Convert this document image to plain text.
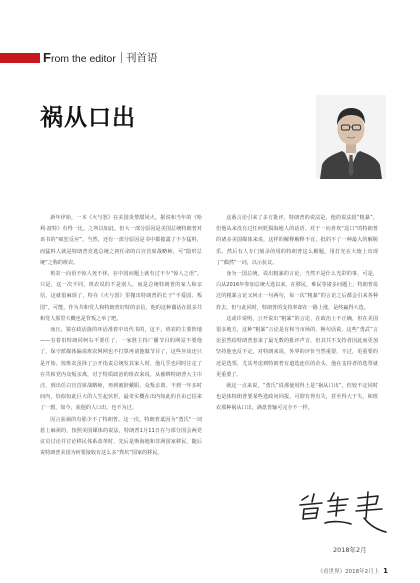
From the editor 刊首语
祸从口出

新年伊始，一本《火与怒》在美国炎黎甜风火。据说和当年的《哈利·波特》有得一比，之所以如此，但大一部分原因是美国总统特朗普对该书的“疯狂反应”。当然，还有一部分原因是书中都披露了不少猛料，而猛料人就是特朗普竞选总统之初任命的白宫首席战略师，可“隐形总统”之称的班农。

班农一向语不惊人死不休，在中国问题上就有过不少“惊人之语”。只是，这一次不同，班农说的不是别人，而是总统特朗普的家人和亲信，这就很麻烦了，特在《火与怒》里抛出特朗普的长子“不爱国、叛国”，可能，作为共和党人和特朗普好特的亲信，他的这种偶话在很多共和党人那里大概也是背叛之举了吧。

而且，猜在政话拢的环话准着中出代书的，这不，班农的主要阵地——有着旧特朗同柯右不要任了，一家胜主持广播节目的网站不要他了，保守派媒体偏说班农网网也不打算再请他做节目了，这些应该还只是开始。按班农虽择了公开指责总统发其家人时，他几乎也同时注定了在共和党内众叛亲离，对于特质政治的班农来说，从被绑特朗普大主巾洼，到出任白宫首席战略师，再到被辞戴职，众叛亲离，不到一年多时间内，恰似如此巨大的人生起伏折，最奇实概在出内如此的自由已招来了一想，如今，获他的人口出，也不为过。

因言获祸的有那少不了特朗普。这一次，特朗普诋因为“勇氏”一词惹上麻须的，按照美国媒体的说法，特朗普1月11日在与部分国会两党议员讨论并讨论移民体系改革时，先后是斯海地和非洲国家移民，随后说特朗普美国为何要接收有这么多“粪坑”国家的移民。

这番言论引来了多方批评，特朗普的说法是，他的说法很“粗暴”，但他从来没有过任何贬损海地人的话语。对于一向喜欢“逞口”的特朗普的诸多美国媒体来说，这样的解释解释不宜，批的不了一种最大的解脱乐。然后有人专门刻录的用的特朗普这么解题，用打光在大炮上出现了“偶然”一词，以示抗议。

身为一国总统，说出粗暴的言论，当然不是什么光彩的事，可是，白从2016年参加总统大选以来，在移民，难民等诸多问题上，特朗普说过的粗暴言论又何止一句两句，每一次“粗暴”的言论之后都会引来各种炸去，但与此同时，特朗普的支持率却在一路上涨，是终赢得大选。

这或许说明，公开说出“粗暴”的言论，在政治上不正确，但在美国很多地方，这种“粗暴”言论是有和当市场的，换句话说，这些“勇武”言论虽然给特朗普惹来了最无数的批评声音，但其共不支持者因此而更加坚持他也反不定，对特朗来说，外界的评价当然重要，不过，更重要的还是选票，尤其考虑到特朗普有道选连任的企头，他在支持者的选票就更重要了。

就这一点来说，“勇氏”说那使用得上是“祸从口出”，但较不定同时也是体特朗普要某些选政问回报，可谓有得有失，甚至得大于失，和班农那种祸从口出，满盘皆输可完全不一样。

2018年2月
《看世界》2018年2月上 1
